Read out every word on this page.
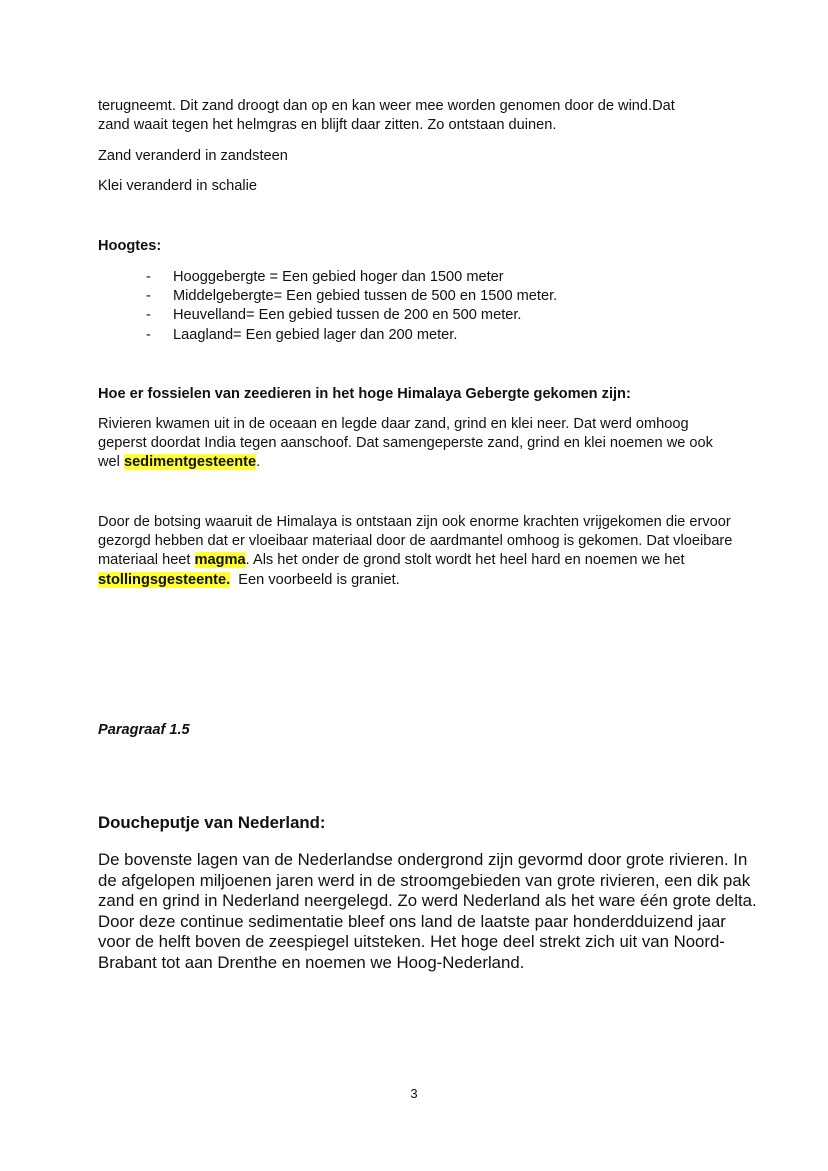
terugneemt. Dit zand droogt dan op en kan weer mee worden genomen door de wind.Dat
zand waait tegen het helmgras en blijft daar zitten. Zo ontstaan duinen.

Zand veranderd in zandsteen

Klei veranderd in schalie

Hoogtes:

- Hooggebergte = Een gebied hoger dan 1500 meter
- Middelgebergte= Een gebied tussen de 500 en 1500 meter.
- Heuvelland= Een gebied tussen de 200 en 500 meter.
- Laagland= Een gebied lager dan 200 meter.

Hoe er fossielen van zeedieren in het hoge Himalaya Gebergte gekomen zijn:

Rivieren kwamen uit in de oceaan en legde daar zand, grind en klei neer. Dat werd omhoog geperst doordat India tegen aanschoof. Dat samengeperste zand, grind en klei noemen we ook wel sedimentgesteente.

Door de botsing waaruit de Himalaya is ontstaan zijn ook enorme krachten vrijgekomen die ervoor gezorgd hebben dat er vloeibaar materiaal door de aardmantel omhoog is gekomen. Dat vloeibare materiaal heet magma. Als het onder de grond stolt wordt het heel hard en noemen we het stollingsgesteente.  Een voorbeeld is graniet.

Paragraaf 1.5

Doucheputje van Nederland:

De bovenste lagen van de Nederlandse ondergrond zijn gevormd door grote rivieren. In de afgelopen miljoenen jaren werd in de stroomgebieden van grote rivieren, een dik pak zand en grind in Nederland neergelegd. Zo werd Nederland als het ware één grote delta. Door deze continue sedimentatie bleef ons land de laatste paar honderdduizend jaar voor de helft boven de zeespiegel uitsteken. Het hoge deel strekt zich uit van Noord-Brabant tot aan Drenthe en noemen we Hoog-Nederland.

3
